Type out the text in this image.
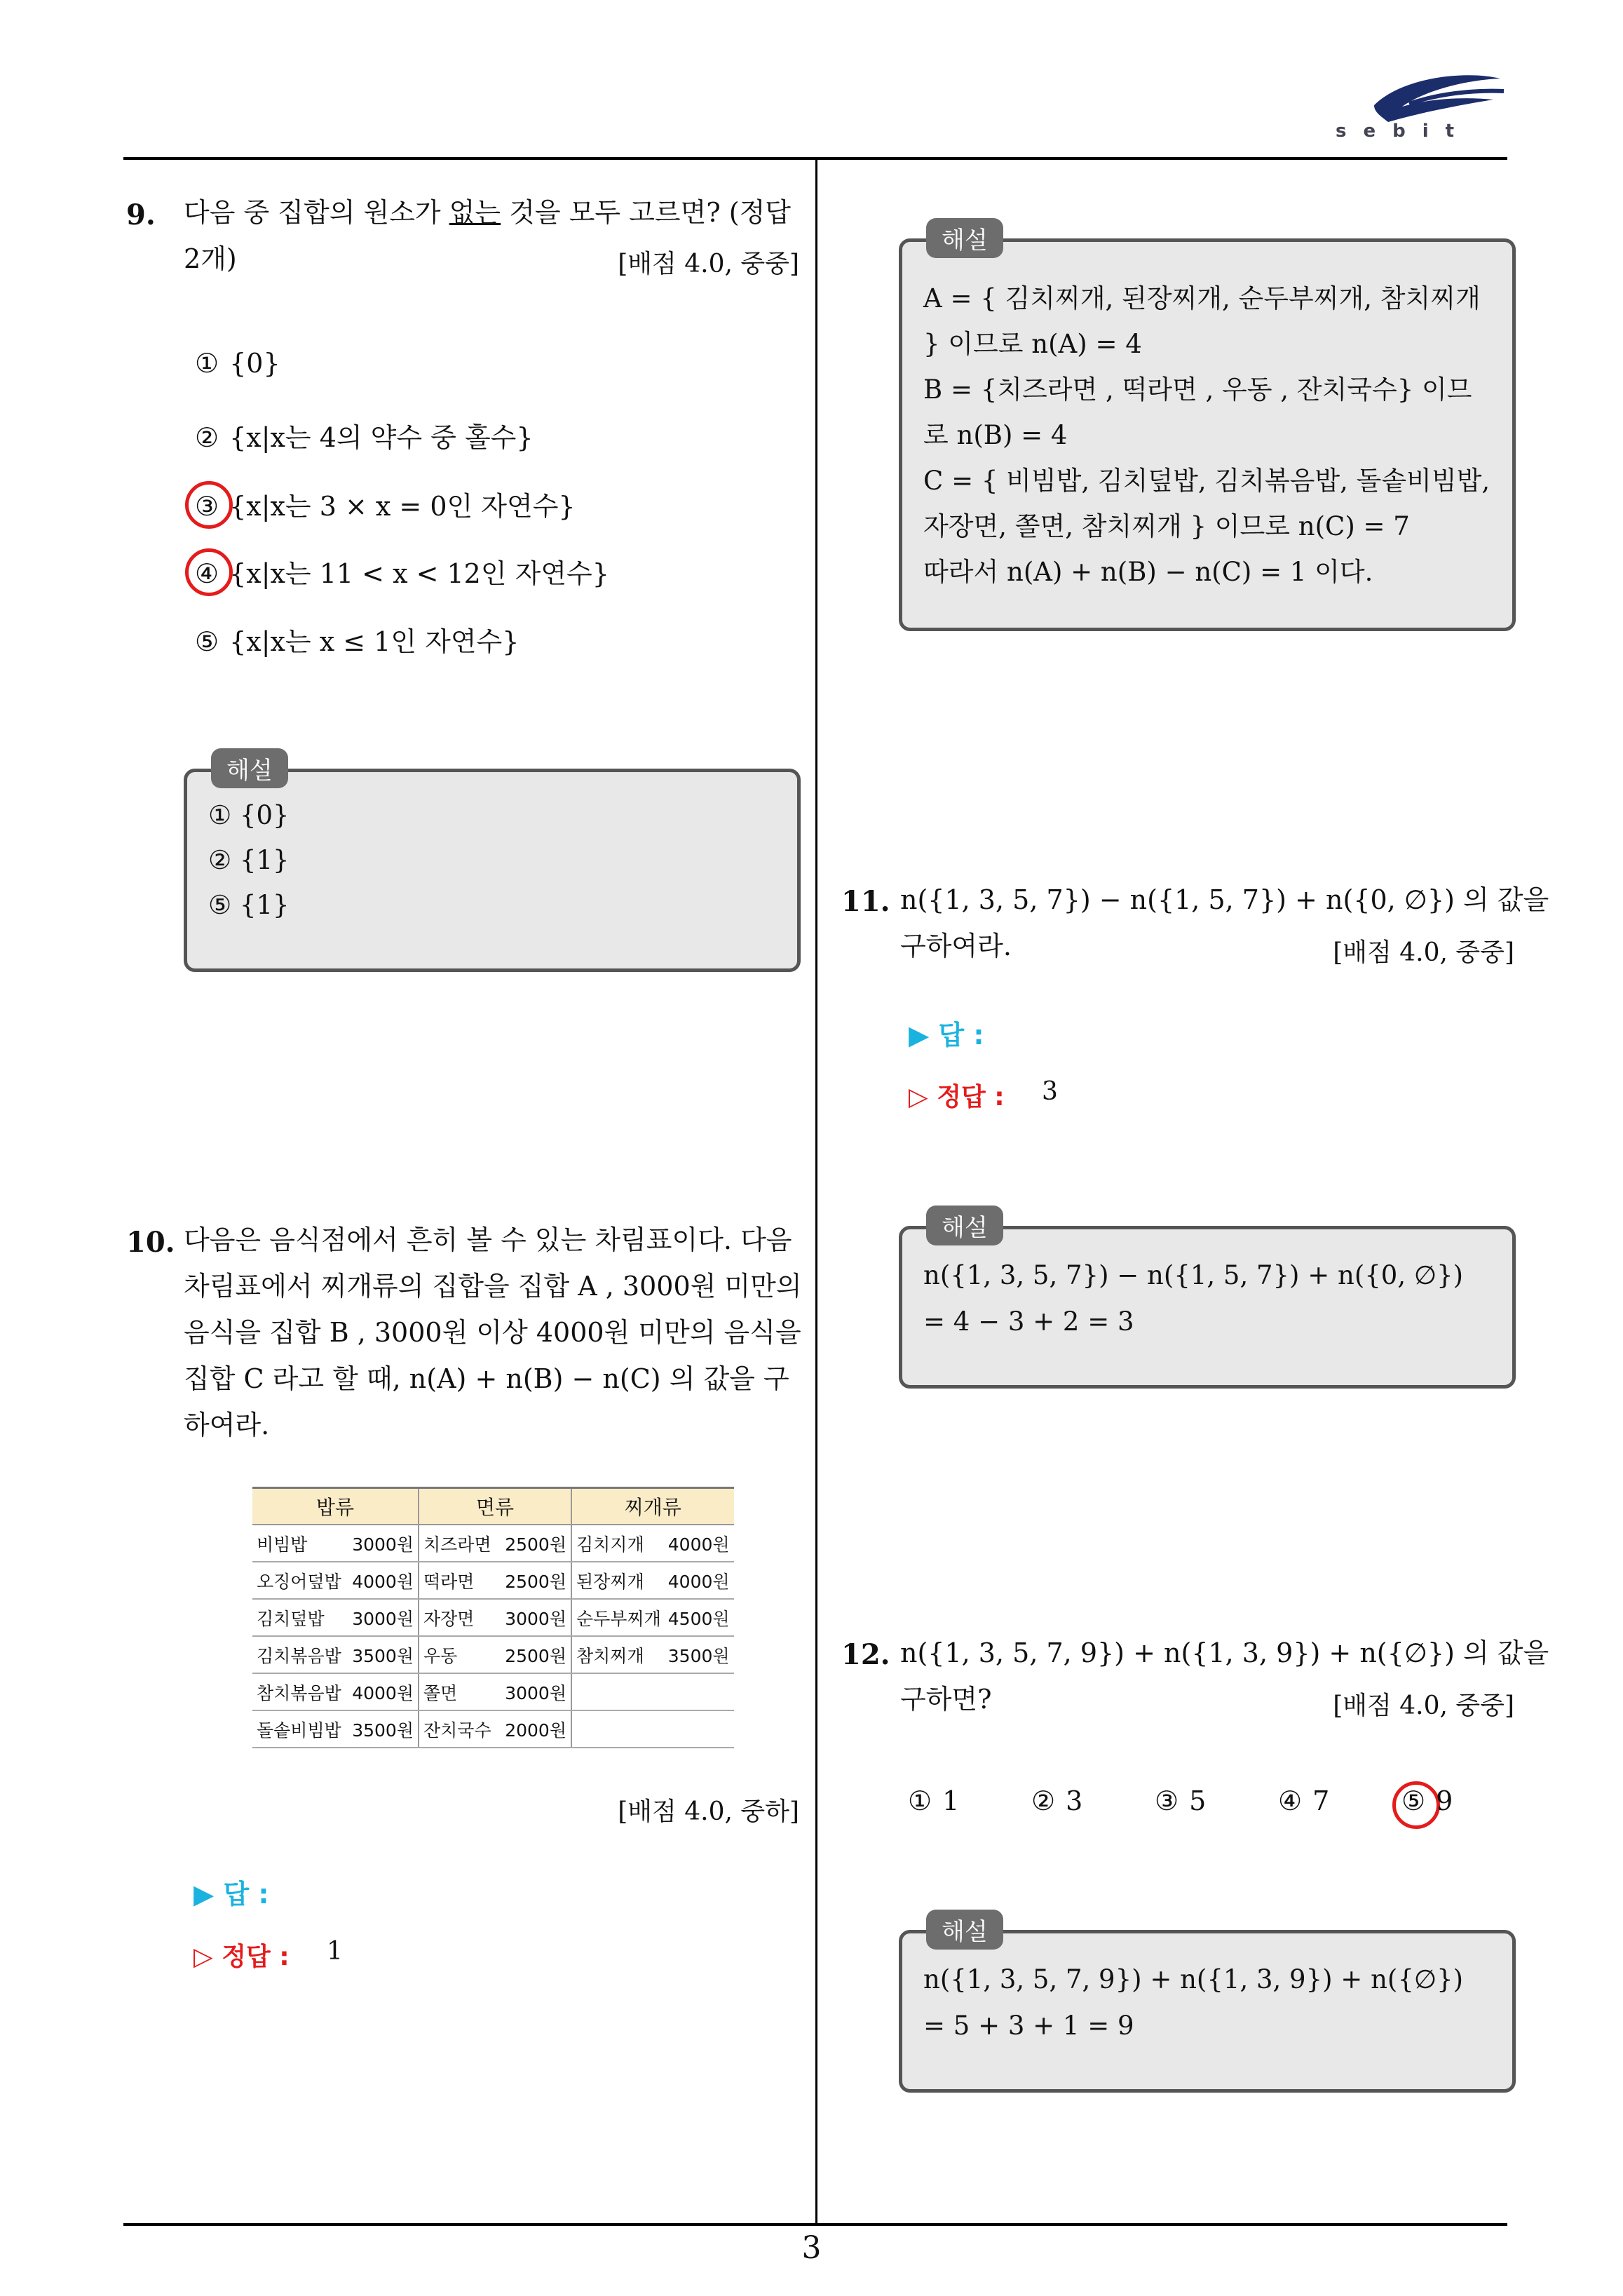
sebit
9. 다음 중 집합의 원소가 없는 것을 모두 고르면? (정답
2개)	[배점 4.0, 중중]
① {0}
② {x|x는 4의 약수 중 홀수}
③ {x|x는 3 × x = 0인 자연수}
④ {x|x는 11 < x < 12인 자연수}
⑤ {x|x는 x ≤ 1인 자연수}
해설
① {0}
② {1}
⑤ {1}
10. 다음은 음식점에서 흔히 볼 수 있는 차림표이다. 다음
차림표에서 찌개류의 집합을 집합 A , 3000원 미만의
음식을 집합 B , 3000원 이상 4000원 미만의 음식을
집합 C 라고 할 때, n(A) + n(B) − n(C) 의 값을 구
하여라.
밥류	면류	찌개류

비빔밥 3000원	치즈라면 2500원	김치지개 4000원

오징어덮밥 4000원	떡라면 2500원	된장찌개 4000원

김치덮밥 3000원	자장면 3000원	순두부찌개 4500원

김치볶음밥 3500원	우동 2500원	참치찌개 3500원

참치볶음밥 4000원	쫄면 3000원	

돌솥비빔밥 3500원	잔치국수 2000원	

[배점 4.0, 중하]
▶ 답 :
▷ 정답 : 1
해설
A = { 김치찌개, 된장찌개, 순두부찌개, 참치찌개
} 이므로 n(A) = 4
B = {치즈라면 , 떡라면 , 우동 , 잔치국수} 이므
로 n(B) = 4
C = { 비빔밥, 김치덮밥, 김치볶음밥, 돌솥비빔밥,
자장면, 쫄면, 참치찌개 } 이므로 n(C) = 7
따라서 n(A) + n(B) − n(C) = 1 이다.
11. n({1, 3, 5, 7}) − n({1, 5, 7}) + n({0, ∅}) 의 값을
구하여라.	[배점 4.0, 중중]
▶ 답 :
▷ 정답 : 3
n({1, 3, 5, 7}) − n({1, 5, 7}) + n({0, ∅})
= 4 − 3 + 2 = 3
해설
12. n({1, 3, 5, 7, 9}) + n({1, 3, 9}) + n({∅}) 의 값을
구하면?	[배점 4.0, 중중]
① 1	② 3	③ 5	④ 7	⑤ 9
n({1, 3, 5, 7, 9}) + n({1, 3, 9}) + n({∅})
= 5 + 3 + 1 = 9
해설
3
